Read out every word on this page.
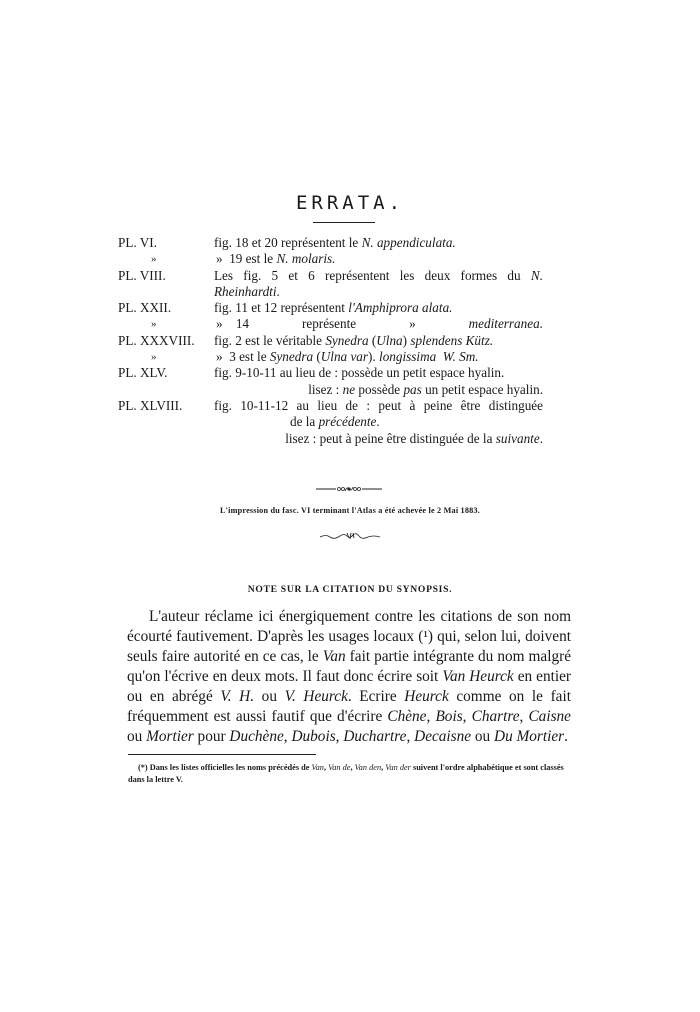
ERRATA.
PL. VI.	fig. 18 et 20 représentent le N. appendiculata.
»	»  19 est le N. molaris.
PL. VIII.	Les fig. 5 et 6 représentent les deux formes du N.
Rheinhardti.
PL. XXII.	fig. 11 et 12 représentent l'Amphiprora alata.
»	»  14        représente        »        mediterranea.
PL. XXXVIII.	fig. 2 est le véritable Synedra (Ulna) splendens Kütz.
»	»  3 est le Synedra (Ulna var). longissima  W. Sm.
PL. XLV.	fig. 9-10-11 au lieu de : possède un petit espace hyalin.
lisez : ne possède pas un petit espace hyalin.
PL. XLVIII.	fig. 10-11-12 au lieu de : peut à peine être distinguée
de la précédente.
lisez : peut à peine être distinguée de la suivante.
L'impression du fasc. VI terminant l'Atlas a été achevée le 2 Mai 1883.
NOTE SUR LA CITATION DU SYNOPSIS.

L'auteur réclame ici énergiquement contre les citations de son nom écourté fautivement. D'après les usages locaux (¹) qui, selon lui, doivent seuls faire autorité en ce cas, le Van fait partie intégrante du nom malgré qu'on l'écrive en deux mots. Il faut donc écrire soit Van Heurck en entier ou en abrégé V. H. ou V. Heurck. Ecrire Heurck comme on le fait fréquemment est aussi fautif que d'écrire Chène, Bois, Chartre, Caisne ou Mortier pour Duchène, Dubois, Duchartre, Decaisne ou Du Mortier.

(*) Dans les listes officielles les noms précédés de Van, Van de, Van den, Van der suivent l'ordre alphabétique et sont classés dans la lettre V.
